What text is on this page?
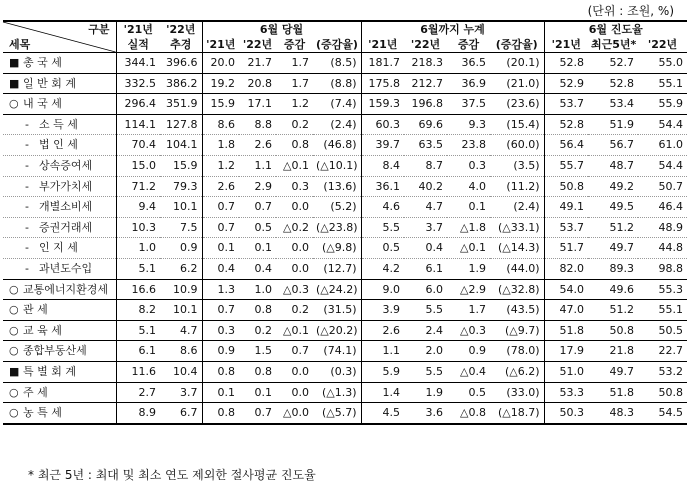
(단위 : 조원, %)
구분
세목	'21년	'22년	6월 당월				6월까지 누계				6월 진도율		
	실적	추경	'21년	'22년	증감	(증감율)	'21년	'22년	증감	(증감율)	'21년	최근5년*	'22년
■ 총 국 세	344.1	396.6	20.0	21.7	1.7	(8.5)	181.7	218.3	36.5	(20.1)	52.8	52.7	55.0
■ 일 반 회 계	332.5	386.2	19.2	20.8	1.7	(8.8)	175.8	212.7	36.9	(21.0)	52.9	52.8	55.1
○ 내 국 세	296.4	351.9	15.9	17.1	1.2	(7.4)	159.3	196.8	37.5	(23.6)	53.7	53.4	55.9
- 소 득 세	114.1	127.8	8.6	8.8	0.2	(2.4)	60.3	69.6	9.3	(15.4)	52.8	51.9	54.4
- 법 인 세	70.4	104.1	1.8	2.6	0.8	(46.8)	39.7	63.5	23.8	(60.0)	56.4	56.7	61.0
- 상속증여세	15.0	15.9	1.2	1.1	△0.1	(△10.1)	8.4	8.7	0.3	(3.5)	55.7	48.7	54.4
- 부가가치세	71.2	79.3	2.6	2.9	0.3	(13.6)	36.1	40.2	4.0	(11.2)	50.8	49.2	50.7
- 개별소비세	9.4	10.1	0.7	0.7	0.0	(5.2)	4.6	4.7	0.1	(2.4)	49.1	49.5	46.4
- 증권거래세	10.3	7.5	0.7	0.5	△0.2	(△23.8)	5.5	3.7	△1.8	(△33.1)	53.7	51.2	48.9
- 인 지 세	1.0	0.9	0.1	0.1	0.0	(△9.8)	0.5	0.4	△0.1	(△14.3)	51.7	49.7	44.8
- 과년도수입	5.1	6.2	0.4	0.4	0.0	(12.7)	4.2	6.1	1.9	(44.0)	82.0	89.3	98.8
○ 교통에너지환경세	16.6	10.9	1.3	1.0	△0.3	(△24.2)	9.0	6.0	△2.9	(△32.8)	54.0	49.6	55.3
○ 관 세	8.2	10.1	0.7	0.8	0.2	(31.5)	3.9	5.5	1.7	(43.5)	47.0	51.2	55.1
○ 교 육 세	5.1	4.7	0.3	0.2	△0.1	(△20.2)	2.6	2.4	△0.3	(△9.7)	51.8	50.8	50.5
○ 종합부동산세	6.1	8.6	0.9	1.5	0.7	(74.1)	1.1	2.0	0.9	(78.0)	17.9	21.8	22.7
■ 특 별 회 계	11.6	10.4	0.8	0.8	0.0	(0.3)	5.9	5.5	△0.4	(△6.2)	51.0	49.7	53.2
○ 주 세	2.7	3.7	0.1	0.1	0.0	(△1.3)	1.4	1.9	0.5	(33.0)	53.3	51.8	50.8
○ 농 특 세	8.9	6.7	0.8	0.7	△0.0	(△5.7)	4.5	3.6	△0.8	(△18.7)	50.3	48.3	54.5
* 최근 5년 : 최대 및 최소 연도 제외한 절사평균 진도율
